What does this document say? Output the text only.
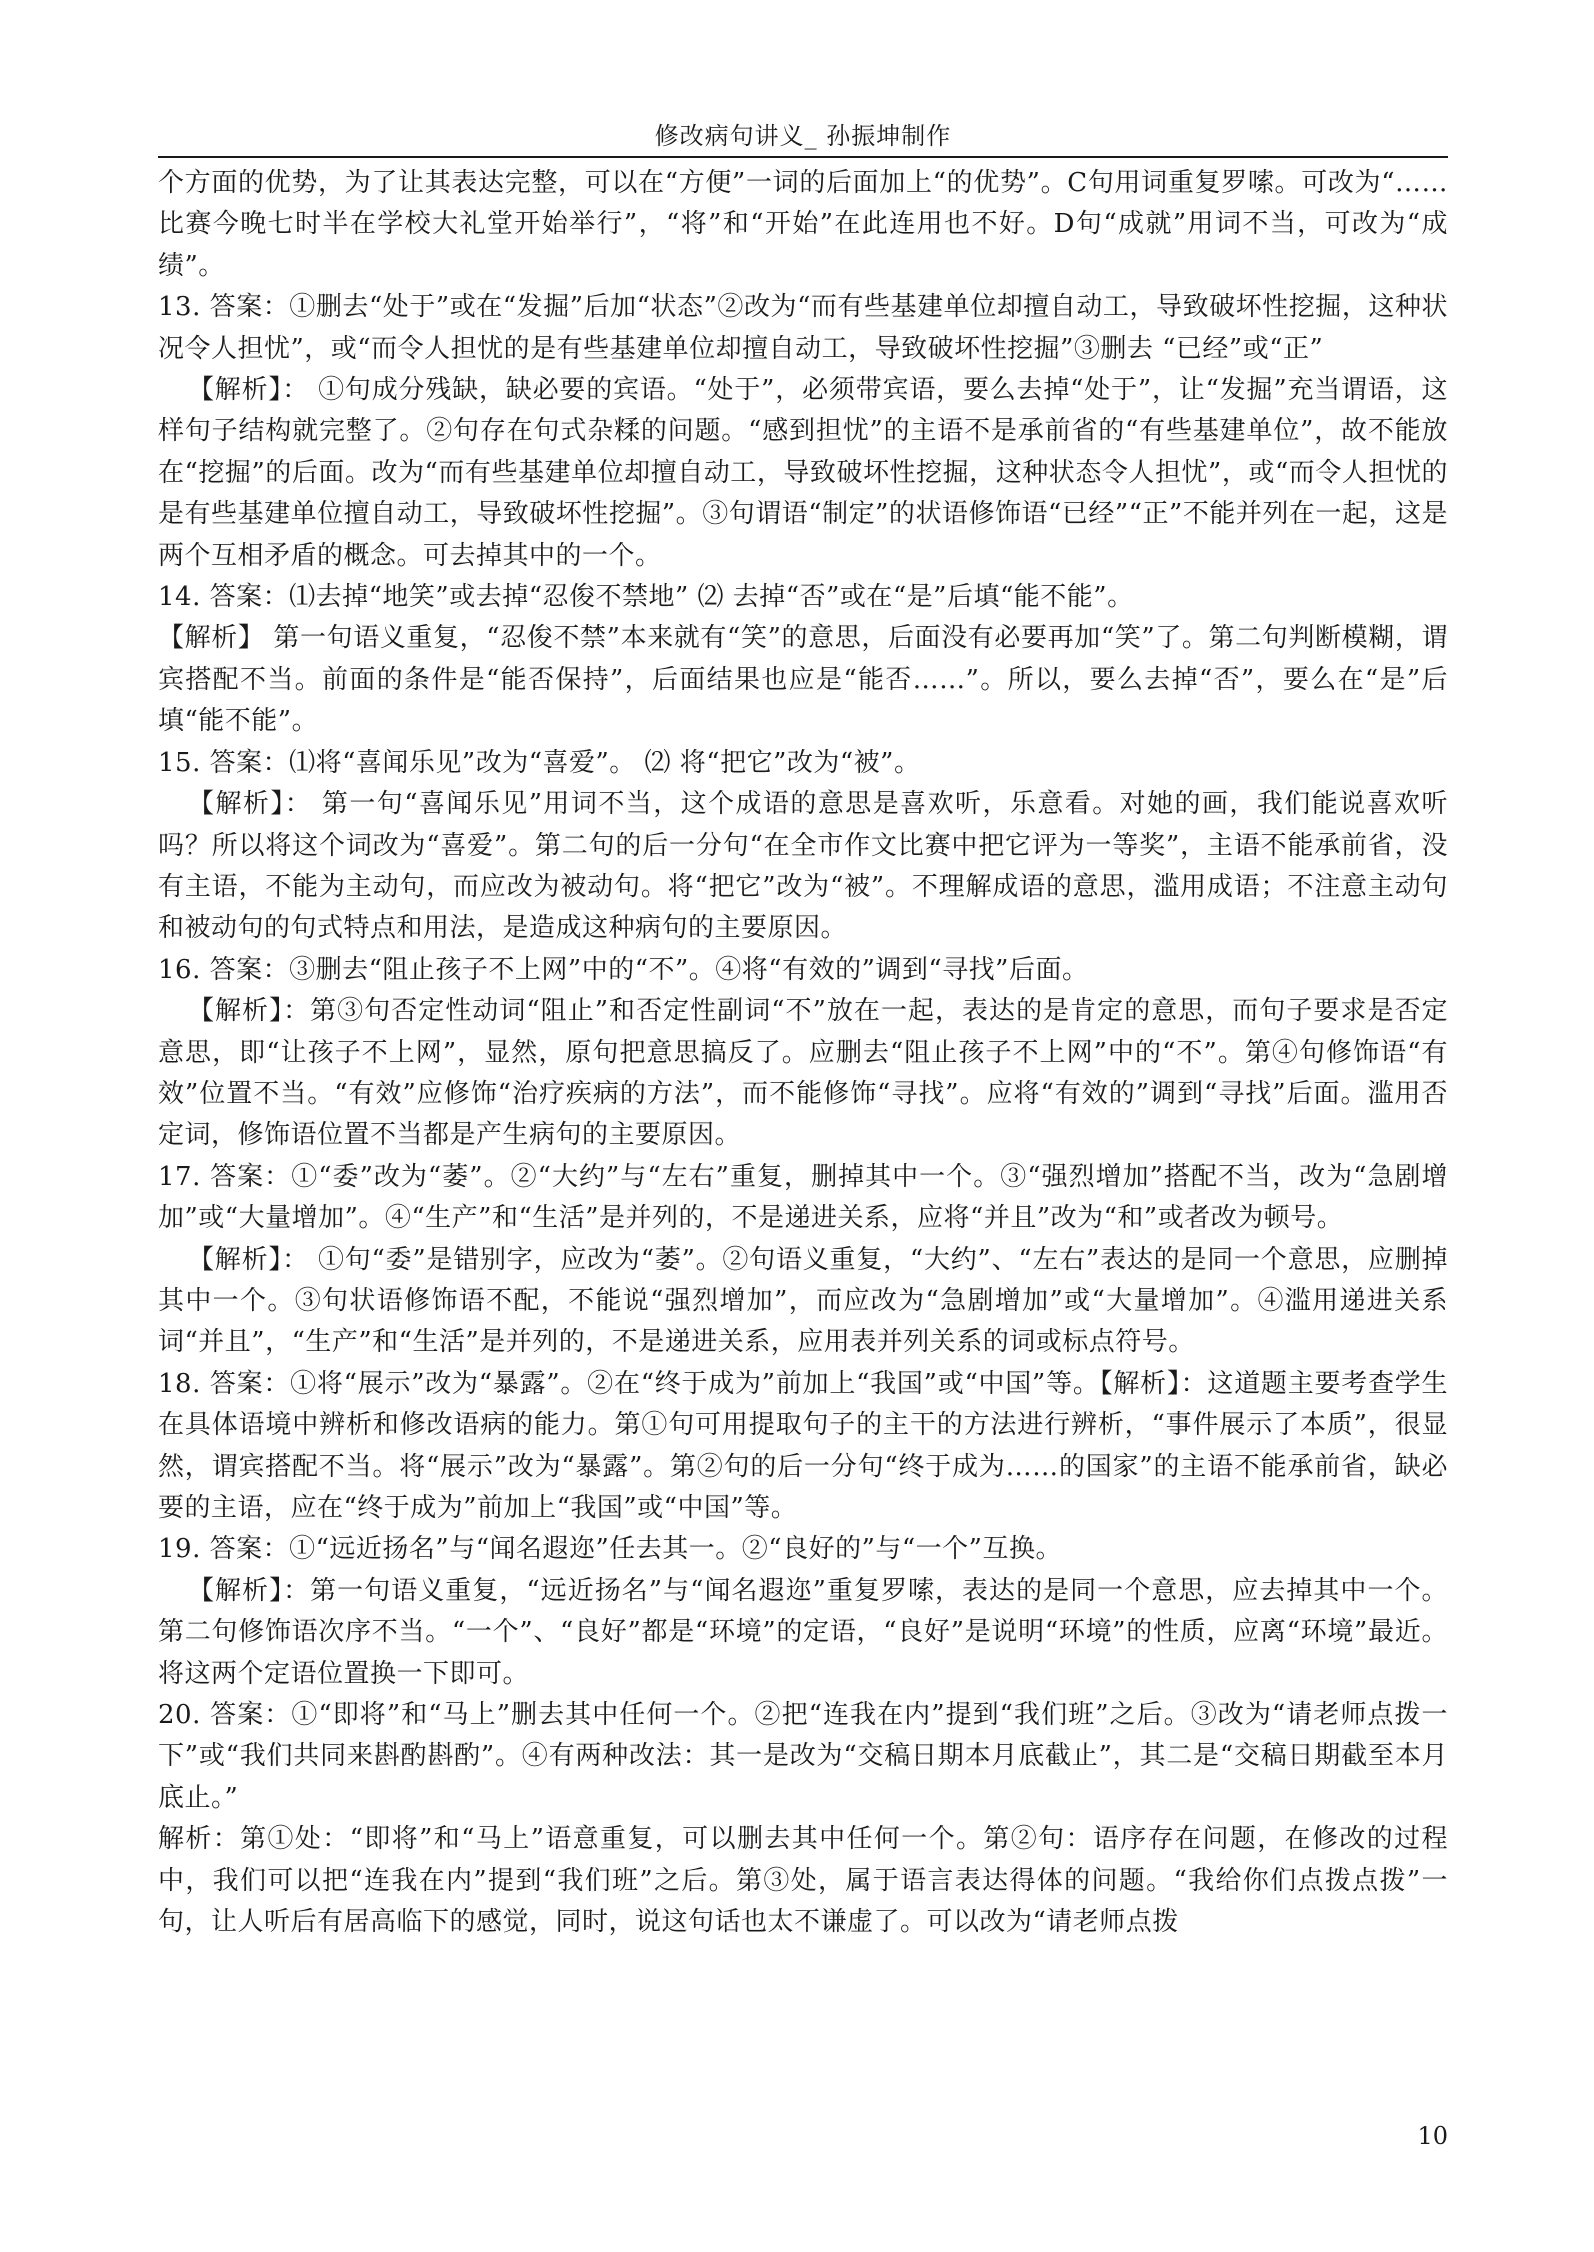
修改病句讲义_ 孙振坤制作

个方面的优势，为了让其表达完整，可以在“方便”一词的后面加上“的优势”。C句用词重复罗嗦。可改为“……比赛今晚七时半在学校大礼堂开始举行”，“将”和“开始”在此连用也不好。D句“成就”用词不当，可改为“成绩”。

13. 答案：①删去“处于”或在“发掘”后加“状态”②改为“而有些基建单位却擅自动工，导致破坏性挖掘，这种状况令人担忧”，或“而令人担忧的是有些基建单位却擅自动工，导致破坏性挖掘”③删去 “已经”或“正”

【解析】： ①句成分残缺，缺必要的宾语。“处于”，必须带宾语，要么去掉“处于”，让“发掘”充当谓语，这样句子结构就完整了。②句存在句式杂糅的问题。“感到担忧”的主语不是承前省的“有些基建单位”，故不能放在“挖掘”的后面。改为“而有些基建单位却擅自动工，导致破坏性挖掘，这种状态令人担忧”，或“而令人担忧的是有些基建单位擅自动工，导致破坏性挖掘”。③句谓语“制定”的状语修饰语“已经”“正”不能并列在一起，这是两个互相矛盾的概念。可去掉其中的一个。

14. 答案：⑴去掉“地笑”或去掉“忍俊不禁地” ⑵ 去掉“否”或在“是”后填“能不能”。

【解析】 第一句语义重复，“忍俊不禁”本来就有“笑”的意思，后面没有必要再加“笑”了。第二句判断模糊，谓宾搭配不当。前面的条件是“能否保持”，后面结果也应是“能否……”。所以，要么去掉“否”，要么在“是”后填“能不能”。

15. 答案：⑴将“喜闻乐见”改为“喜爱”。 ⑵ 将“把它”改为“被”。

【解析】： 第一句“喜闻乐见”用词不当，这个成语的意思是喜欢听，乐意看。对她的画，我们能说喜欢听吗？所以将这个词改为“喜爱”。第二句的后一分句“在全市作文比赛中把它评为一等奖”，主语不能承前省，没有主语，不能为主动句，而应改为被动句。将“把它”改为“被”。不理解成语的意思，滥用成语；不注意主动句和被动句的句式特点和用法，是造成这种病句的主要原因。

16. 答案：③删去“阻止孩子不上网”中的“不”。④将“有效的”调到“寻找”后面。

【解析】：第③句否定性动词“阻止”和否定性副词“不”放在一起，表达的是肯定的意思，而句子要求是否定意思，即“让孩子不上网”，显然，原句把意思搞反了。应删去“阻止孩子不上网”中的“不”。第④句修饰语“有效”位置不当。“有效”应修饰“治疗疾病的方法”，而不能修饰“寻找”。应将“有效的”调到“寻找”后面。滥用否定词，修饰语位置不当都是产生病句的主要原因。

17. 答案：①“委”改为“萎”。②“大约”与“左右”重复，删掉其中一个。③“强烈增加”搭配不当，改为“急剧增加”或“大量增加”。④“生产”和“生活”是并列的，不是递进关系，应将“并且”改为“和”或者改为顿号。

【解析】： ①句“委”是错别字，应改为“萎”。②句语义重复，“大约”、“左右”表达的是同一个意思，应删掉其中一个。③句状语修饰语不配，不能说“强烈增加”，而应改为“急剧增加”或“大量增加”。④滥用递进关系词“并且”，“生产”和“生活”是并列的，不是递进关系，应用表并列关系的词或标点符号。

18. 答案：①将“展示”改为“暴露”。②在“终于成为”前加上“我国”或“中国”等。【解析】：这道题主要考查学生在具体语境中辨析和修改语病的能力。第①句可用提取句子的主干的方法进行辨析，“事件展示了本质”，很显然，谓宾搭配不当。将“展示”改为“暴露”。第②句的后一分句“终于成为……的国家”的主语不能承前省，缺必要的主语，应在“终于成为”前加上“我国”或“中国”等。

19. 答案：①“远近扬名”与“闻名遐迩”任去其一。②“良好的”与“一个”互换。

【解析】：第一句语义重复，“远近扬名”与“闻名遐迩”重复罗嗦，表达的是同一个意思，应去掉其中一个。第二句修饰语次序不当。“一个”、“良好”都是“环境”的定语，“良好”是说明“环境”的性质，应离“环境”最近。将这两个定语位置换一下即可。

20. 答案：①“即将”和“马上”删去其中任何一个。②把“连我在内”提到“我们班”之后。③改为“请老师点拨一下”或“我们共同来斟酌斟酌”。④有两种改法：其一是改为“交稿日期本月底截止”，其二是“交稿日期截至本月底止。”

解析：第①处：“即将”和“马上”语意重复，可以删去其中任何一个。第②句：语序存在问题，在修改的过程中，我们可以把“连我在内”提到“我们班”之后。第③处，属于语言表达得体的问题。“我给你们点拨点拨”一句，让人听后有居高临下的感觉，同时，说这句话也太不谦虚了。可以改为“请老师点拨

10
